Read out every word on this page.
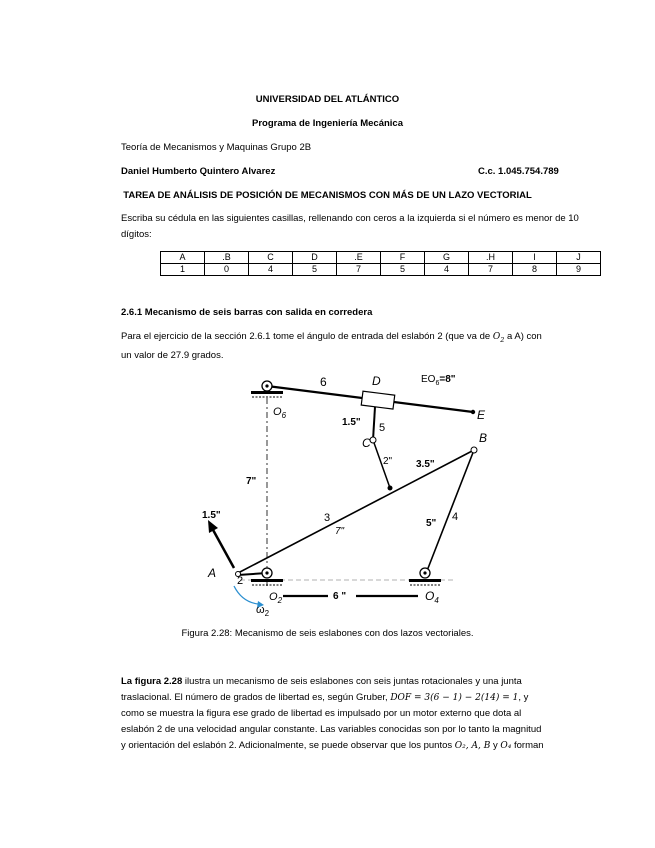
UNIVERSIDAD DEL ATLÁNTICO
Programa de Ingeniería Mecánica
Teoría de Mecanismos y Maquinas Grupo 2B
Daniel Humberto Quintero Alvarez	C.c. 1.045.754.789
TAREA DE ANÁLISIS DE POSICIÓN DE MECANISMOS CON MÁS DE UN LAZO VECTORIAL
Escriba su cédula en las siguientes casillas, rellenando con ceros a la izquierda si el número es menor de 10 dígitos:
A	.B	C	D	.E	F	G	.H	I	J
1	0	4	5	7	5	4	7	8	9
2.6.1 Mecanismo de seis barras con salida en corredera
Para el ejercicio de la sección 2.6.1 tome el ángulo de entrada del eslabón 2 (que va de $O_2$ a A) con
un valor de 27.9 grados.
6	D	$EO_6=8$"
$O_6$
1.5" 5
C
E
B
2" 3.5"
7"
1.5"	3
7"
5"
4
A
2
$O_2$	6 "	$O_4$
$\omega_2$
Figura 2.28: Mecanismo de seis eslabones con dos lazos vectoriales.
La figura 2.28 ilustra un mecanismo de seis eslabones con seis juntas rotacionales y una junta
traslacional. El número de grados de libertad es, según Gruber, DOF = 3(6 − 1) − 2(14) = 1, y
como se muestra la figura ese grado de libertad es impulsado por un motor externo que dota al
eslabón 2 de una velocidad angular constante. Las variables conocidas son por lo tanto la magnitud
y orientación del eslabón 2. Adicionalmente, se puede observar que los puntos O₂, A, B y O₄ forman
